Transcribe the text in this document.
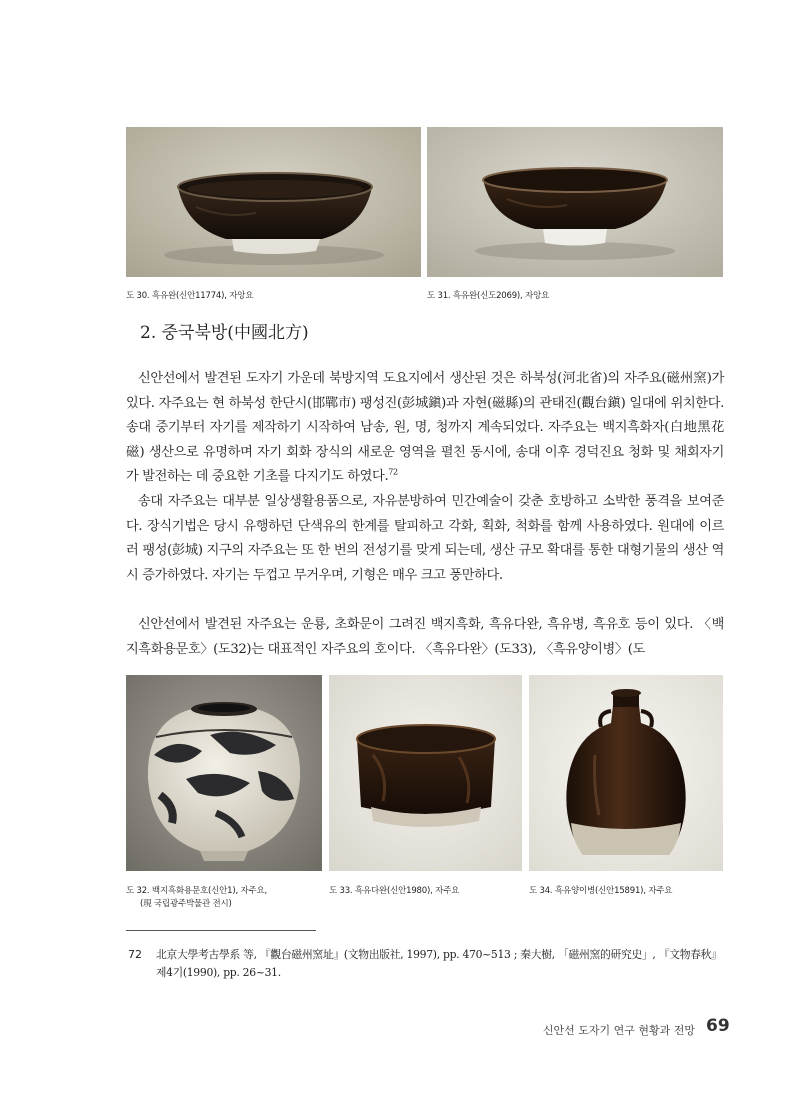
도 30. 흑유완(신안11774), 자앙요	도 31. 흑유완(신도2069), 자앙요
2. 중국북방(中國北方)

신안선에서 발견된 도자기 가운데 북방지역 도요지에서 생산된 것은 하북성(河北省)의 자주요(磁州窯)가 있다. 자주요는 현 하북성 한단시(邯鄲市) 팽성진(彭城鎭)과 자현(磁縣)의 관태진(觀台鎭) 일대에 위치한다. 송대 중기부터 자기를 제작하기 시작하여 남송, 원, 명, 청까지 계속되었다. 자주요는 백지흑화자(白地黑花磁) 생산으로 유명하며 자기 회화 장식의 새로운 영역을 펼친 동시에, 송대 이후 경덕진요 청화 및 채회자기가 발전하는 데 중요한 기초를 다지기도 하였다.$^{72}$

송대 자주요는 대부분 일상생활용품으로, 자유분방하여 민간예술이 갖춘 호방하고 소박한 풍격을 보여준다. 장식기법은 당시 유행하던 단색유의 한계를 탈피하고 각화, 획화, 척화를 함께 사용하였다. 원대에 이르러 팽성(彭城) 지구의 자주요는 또 한 번의 전성기를 맞게 되는데, 생산 규모 확대를 통한 대형기물의 생산 역시 증가하였다. 자기는 두껍고 무거우며, 기형은 매우 크고 풍만하다.

신안선에서 발견된 자주요는 운룡, 초화문이 그려진 백지흑화, 흑유다완, 흑유병, 흑유호 등이 있다. 〈백지흑화용문호〉(도32)는 대표적인 자주요의 호이다. 〈흑유다완〉(도33), 〈흑유양이병〉(도

도 32. 백지흑화용문호(신안1), 자주요,
(現 국립광주박물관 전시)
도 33. 흑유다완(신안1980), 자주요	도 34. 흑유양이병(신안15891), 자주요
72 北京大學考古學系 等, 『觀台磁州窯址』(文物出版社, 1997), pp. 470~513 ; 秦大樹, 「磁州窯的研究史」, 『文物春秋』 제4기(1990), pp. 26~31.

신안선 도자기 연구 현황과 전망 69
